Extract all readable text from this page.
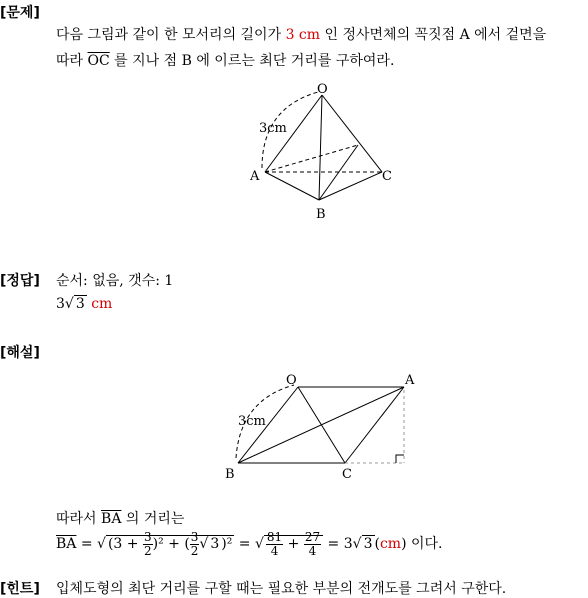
[문제]
다음 그림과 같이 한 모서리의 길이가 3 cm 인 정사면체의 꼭짓점 A 에서 겉면을
따라 $\overline{OC}$ 를 지나 점 B 에 이르는 최단 거리를 구하여라.
O
A
B
C
3cm
[정답] 순서: 없음, 갯수: 1
3√ 3 cm
[해설]
O	A
B	C
3cm
따라서 $\overline{BA}$ 의 거리는
$\overline{BA}$ = √ $(3 + \frac{3}{2} )^2$ + ( $\frac{3}{2}$ √ 3 )² = √ $\frac{81}{4} + \frac{27}{4} = 3√$ 3 (cm) 이다.
[힌트] 입체도형의 최단 거리를 구할 때는 필요한 부분의 전개도를 그려서 구한다.
